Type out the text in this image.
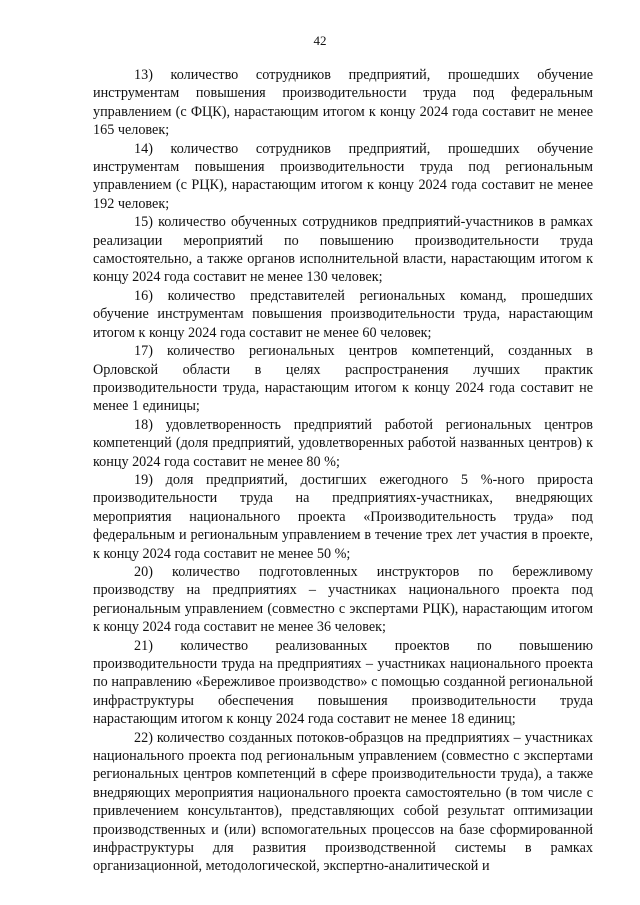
42

13) количество сотрудников предприятий, прошедших обучение инструментам повышения производительности труда под федеральным управлением (с ФЦК), нарастающим итогом к концу 2024 года составит не менее 165 человек;

14) количество сотрудников предприятий, прошедших обучение инструментам повышения производительности труда под региональным управлением (с РЦК), нарастающим итогом к концу 2024 года составит не менее 192 человек;

15) количество обученных сотрудников предприятий-участников в рамках реализации мероприятий по повышению производительности труда самостоятельно, а также органов исполнительной власти, нарастающим итогом к концу 2024 года составит не менее 130 человек;

16) количество представителей региональных команд, прошедших обучение инструментам повышения производительности труда, нарастающим итогом к концу 2024 года составит не менее 60 человек;

17) количество региональных центров компетенций, созданных в Орловской области в целях распространения лучших практик производительности труда, нарастающим итогом к концу 2024 года составит не менее 1 единицы;

18) удовлетворенность предприятий работой региональных центров компетенций (доля предприятий, удовлетворенных работой названных центров) к концу 2024 года составит не менее 80 %;

19) доля предприятий, достигших ежегодного 5 %-ного прироста производительности труда на предприятиях-участниках, внедряющих мероприятия национального проекта «Производительность труда» под федеральным и региональным управлением в течение трех лет участия в проекте, к концу 2024 года составит не менее 50 %;

20) количество подготовленных инструкторов по бережливому производству на предприятиях – участниках национального проекта под региональным управлением (совместно с экспертами РЦК), нарастающим итогом к концу 2024 года составит не менее 36 человек;

21) количество реализованных проектов по повышению производительности труда на предприятиях – участниках национального проекта по направлению «Бережливое производство» с помощью созданной региональной инфраструктуры обеспечения повышения производительности труда нарастающим итогом к концу 2024 года составит не менее 18 единиц;

22) количество созданных потоков-образцов на предприятиях – участниках национального проекта под региональным управлением (совместно с экспертами региональных центров компетенций в сфере производительности труда), а также внедряющих мероприятия национального проекта самостоятельно (в том числе с привлечением консультантов), представляющих собой результат оптимизации производственных и (или) вспомогательных процессов на базе сформированной инфраструктуры для развития производственной системы в рамках организационной, методологической, экспертно-аналитической и
